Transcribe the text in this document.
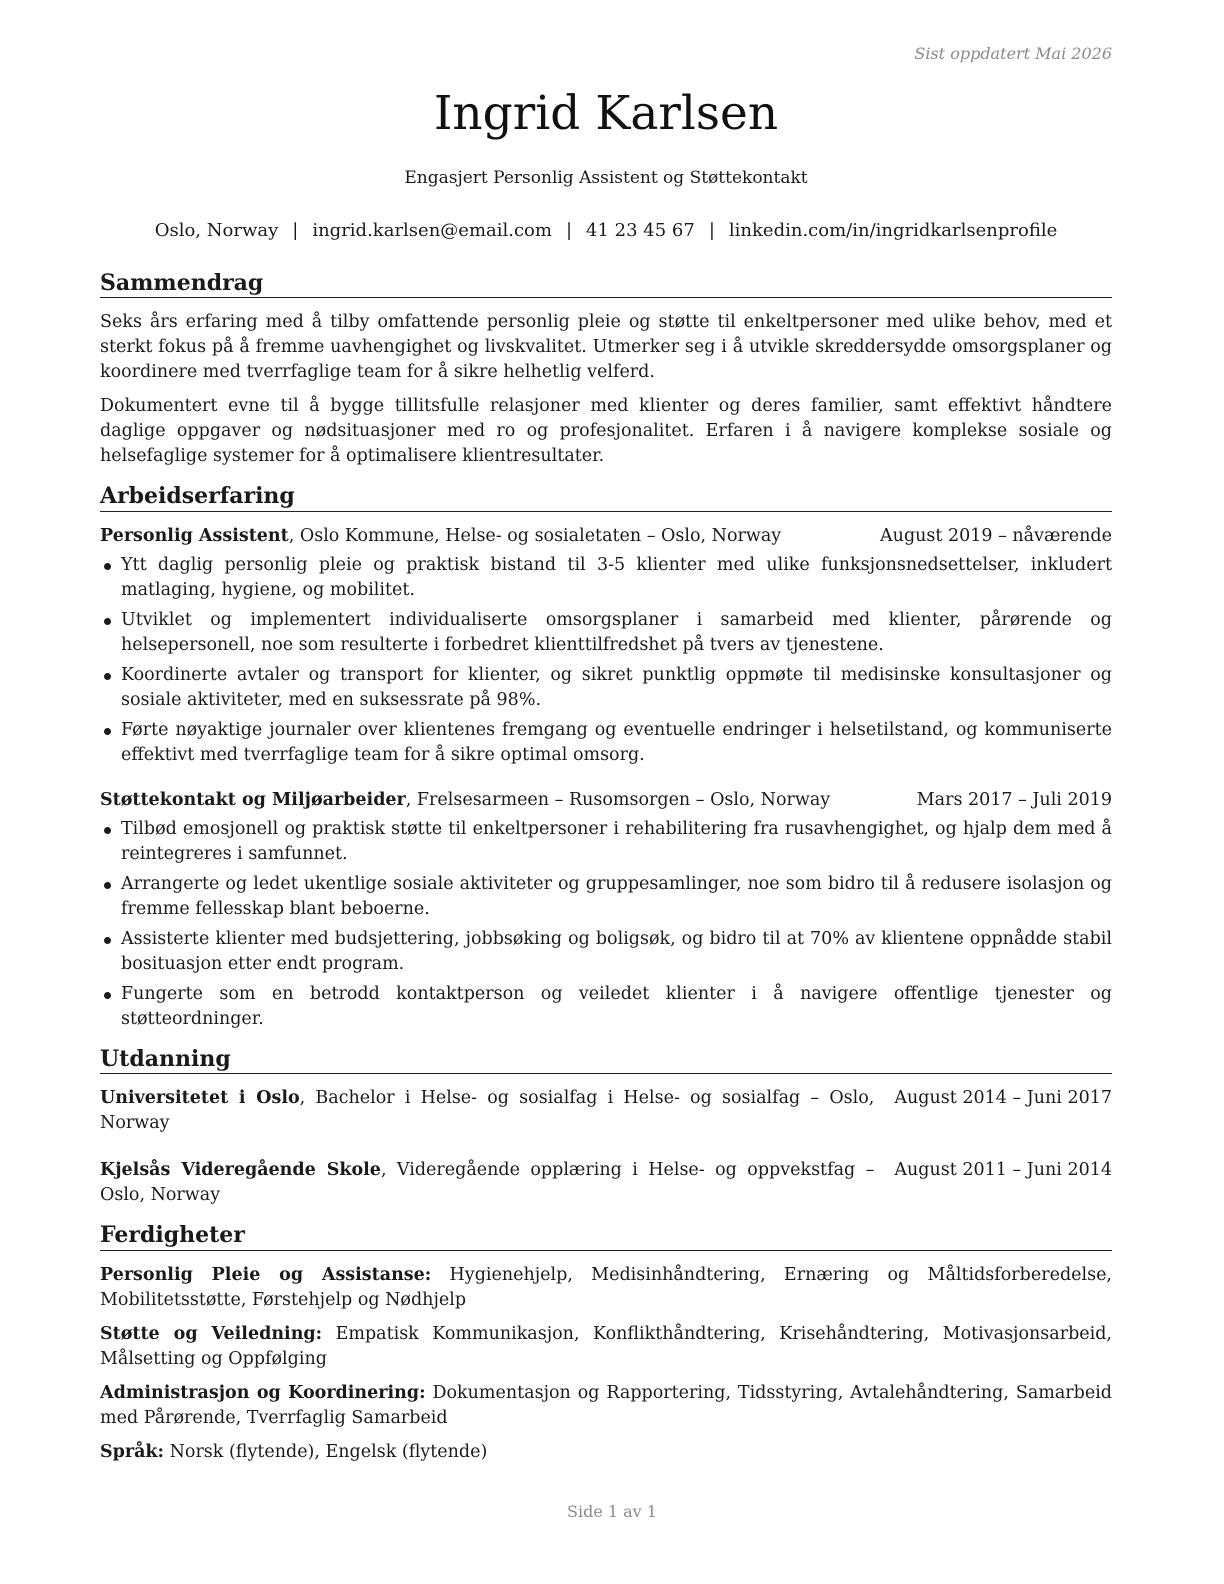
Sist oppdatert Mai 2026
Ingrid Karlsen
Engasjert Personlig Assistent og Støttekontakt
Oslo, Norway | ingrid.karlsen@email.com | 41 23 45 67 | linkedin.com/in/ingridkarlsenprofile
Sammendrag

Seks års erfaring med å tilby omfattende personlig pleie og støtte til enkeltpersoner med ulike behov, med et sterkt fokus på å fremme uavhengighet og livskvalitet. Utmerker seg i å utvikle skreddersydde omsorgsplaner og koordinere med tverrfaglige team for å sikre helhetlig velferd.

Dokumentert evne til å bygge tillitsfulle relasjoner med klienter og deres familier, samt effektivt håndtere daglige oppgaver og nødsituasjoner med ro og profesjonalitet. Erfaren i å navigere komplekse sosiale og helsefaglige systemer for å optimalisere klientresultater.

Arbeidserfaring
Personlig Assistent, Oslo Kommune, Helse- og sosialetaten – Oslo, Norway	August 2019 – nåværende
Ytt daglig personlig pleie og praktisk bistand til 3-5 klienter med ulike funksjonsnedsettelser, inkludert matlaging, hygiene, og mobilitet.
Utviklet og implementert individualiserte omsorgsplaner i samarbeid med klienter, pårørende og helsepersonell, noe som resulterte i forbedret klienttilfredshet på tvers av tjenestene.
Koordinerte avtaler og transport for klienter, og sikret punktlig oppmøte til medisinske konsultasjoner og sosiale aktiviteter, med en suksessrate på 98%.
Førte nøyaktige journaler over klientenes fremgang og eventuelle endringer i helsetilstand, og kommuniserte effektivt med tverrfaglige team for å sikre optimal omsorg.
Støttekontakt og Miljøarbeider, Frelsesarmeen – Rusomsorgen – Oslo, Norway	Mars 2017 – Juli 2019
Tilbød emosjonell og praktisk støtte til enkeltpersoner i rehabilitering fra rusavhengighet, og hjalp dem med å reintegreres i samfunnet.
Arrangerte og ledet ukentlige sosiale aktiviteter og gruppesamlinger, noe som bidro til å redusere isolasjon og fremme fellesskap blant beboerne.
Assisterte klienter med budsjettering, jobbsøking og boligsøk, og bidro til at 70% av klientene oppnådde stabil bosituasjon etter endt program.
Fungerte som en betrodd kontaktperson og veiledet klienter i å navigere offentlige tjenester og støtteordninger.
Utdanning
Universitetet i Oslo, Bachelor i Helse- og sosialfag i Helse- og sosialfag – Oslo, Norway
August 2014 – Juni 2017
Kjelsås Videregående Skole, Videregående opplæring i Helse- og oppvekstfag – Oslo, Norway
August 2011 – Juni 2014
Ferdigheter

Personlig Pleie og Assistanse: Hygienehjelp, Medisinhåndtering, Ernæring og Måltidsforberedelse, Mobilitetsstøtte, Førstehjelp og Nødhjelp

Støtte og Veiledning: Empatisk Kommunikasjon, Konflikthåndtering, Krisehåndtering, Motivasjonsarbeid, Målsetting og Oppfølging

Administrasjon og Koordinering: Dokumentasjon og Rapportering, Tidsstyring, Avtalehåndtering, Samarbeid med Pårørende, Tverrfaglig Samarbeid

Språk: Norsk (flytende), Engelsk (flytende)

Side 1 av 1
